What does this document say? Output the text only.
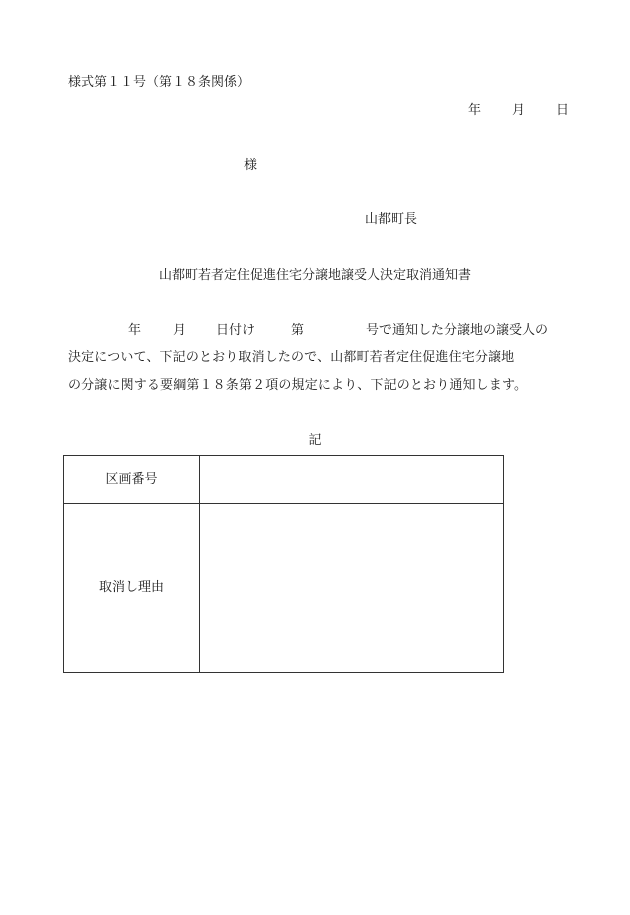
様式第１１号（第１８条関係）
年 月 日
様
山都町長
山都町若者定住促進住宅分譲地譲受人決定取消通知書
年 月 日付け	第	号で通知した分譲地の譲受人の
決定について、下記のとおり取消したので、山都町若者定住促進住宅分譲地
の分譲に関する要綱第１８条第２項の規定により、下記のとおり通知します。
記
区画番号	
取消し理由	
